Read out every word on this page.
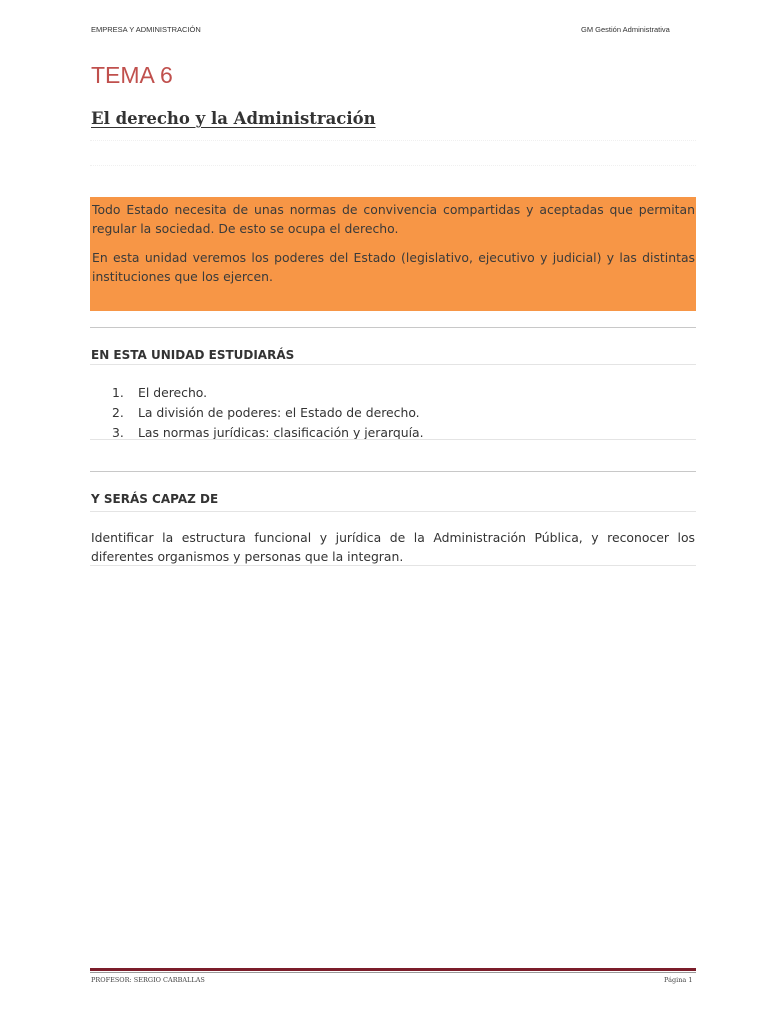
EMPRESA Y ADMINISTRACIÓN	GM Gestión Administrativa
TEMA 6
El derecho y la Administración

Todo Estado necesita de unas normas de convivencia compartidas y aceptadas que permitan regular la sociedad. De esto se ocupa el derecho.

En esta unidad veremos los poderes del Estado (legislativo, ejecutivo y judicial) y las distintas instituciones que los ejercen.

EN ESTA UNIDAD ESTUDIARÁS
1. El derecho.
2. La división de poderes: el Estado de derecho.
3. Las normas jurídicas: clasificación y jerarquía.
Y SERÁS CAPAZ DE
Identificar la estructura funcional y jurídica de la Administración Pública, y reconocer los diferentes organismos y personas que la integran.
PROFESOR: SERGIO CARBALLAS	Página 1
